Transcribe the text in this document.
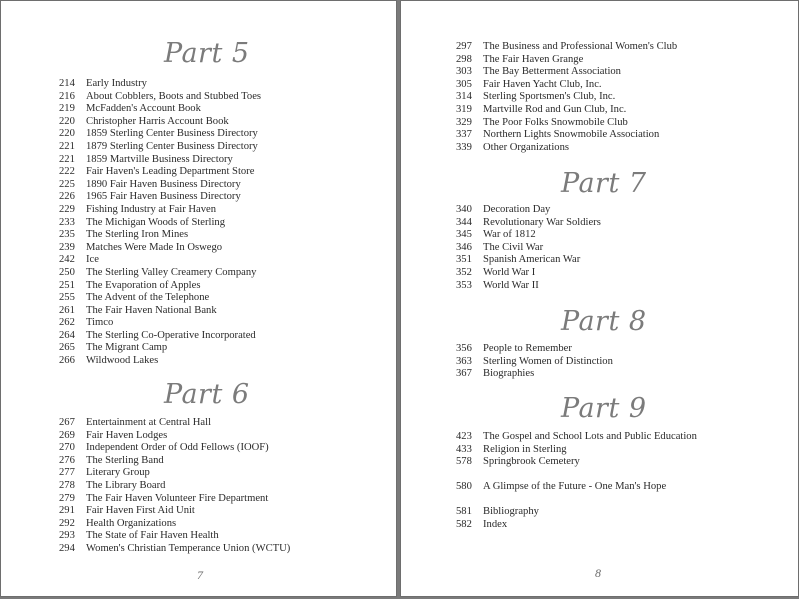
Part 5
214 Early Industry
216 About Cobblers, Boots and Stubbed Toes
219 McFadden's Account Book
220 Christopher Harris Account Book
220 1859 Sterling Center Business Directory
221 1879 Sterling Center Business Directory
221 1859 Martville Business Directory
222 Fair Haven's Leading Department Store
225 1890 Fair Haven Business Directory
226 1965 Fair Haven Business Directory
229 Fishing Industry at Fair Haven
233 The Michigan Woods of Sterling
235 The Sterling Iron Mines
239 Matches Were Made In Oswego
242 Ice
250 The Sterling Valley Creamery Company
251 The Evaporation of Apples
255 The Advent of the Telephone
261 The Fair Haven National Bank
262 Timco
264 The Sterling Co-Operative Incorporated
265 The Migrant Camp
266 Wildwood Lakes
Part 6
267 Entertainment at Central Hall
269 Fair Haven Lodges
270 Independent Order of Odd Fellows (IOOF)
276 The Sterling Band
277 Literary Group
278 The Library Board
279 The Fair Haven Volunteer Fire Department
291 Fair Haven First Aid Unit
292 Health Organizations
293 The State of Fair Haven Health
294 Women's Christian Temperance Union (WCTU)
7
297 The Business and Professional Women's Club
298 The Fair Haven Grange
303 The Bay Betterment Association
305 Fair Haven Yacht Club, Inc.
314 Sterling Sportsmen's Club, Inc.
319 Martville Rod and Gun Club, Inc.
329 The Poor Folks Snowmobile Club
337 Northern Lights Snowmobile Association
339 Other Organizations
Part 7
340 Decoration Day
344 Revolutionary War Soldiers
345 War of 1812
346 The Civil War
351 Spanish American War
352 World War I
353 World War II
Part 8
356 People to Remember
363 Sterling Women of Distinction
367 Biographies
Part 9
423 The Gospel and School Lots and Public Education
433 Religion in Sterling
578 Springbrook Cemetery
580 A Glimpse of the Future - One Man's Hope
581 Bibliography
582 Index
8
